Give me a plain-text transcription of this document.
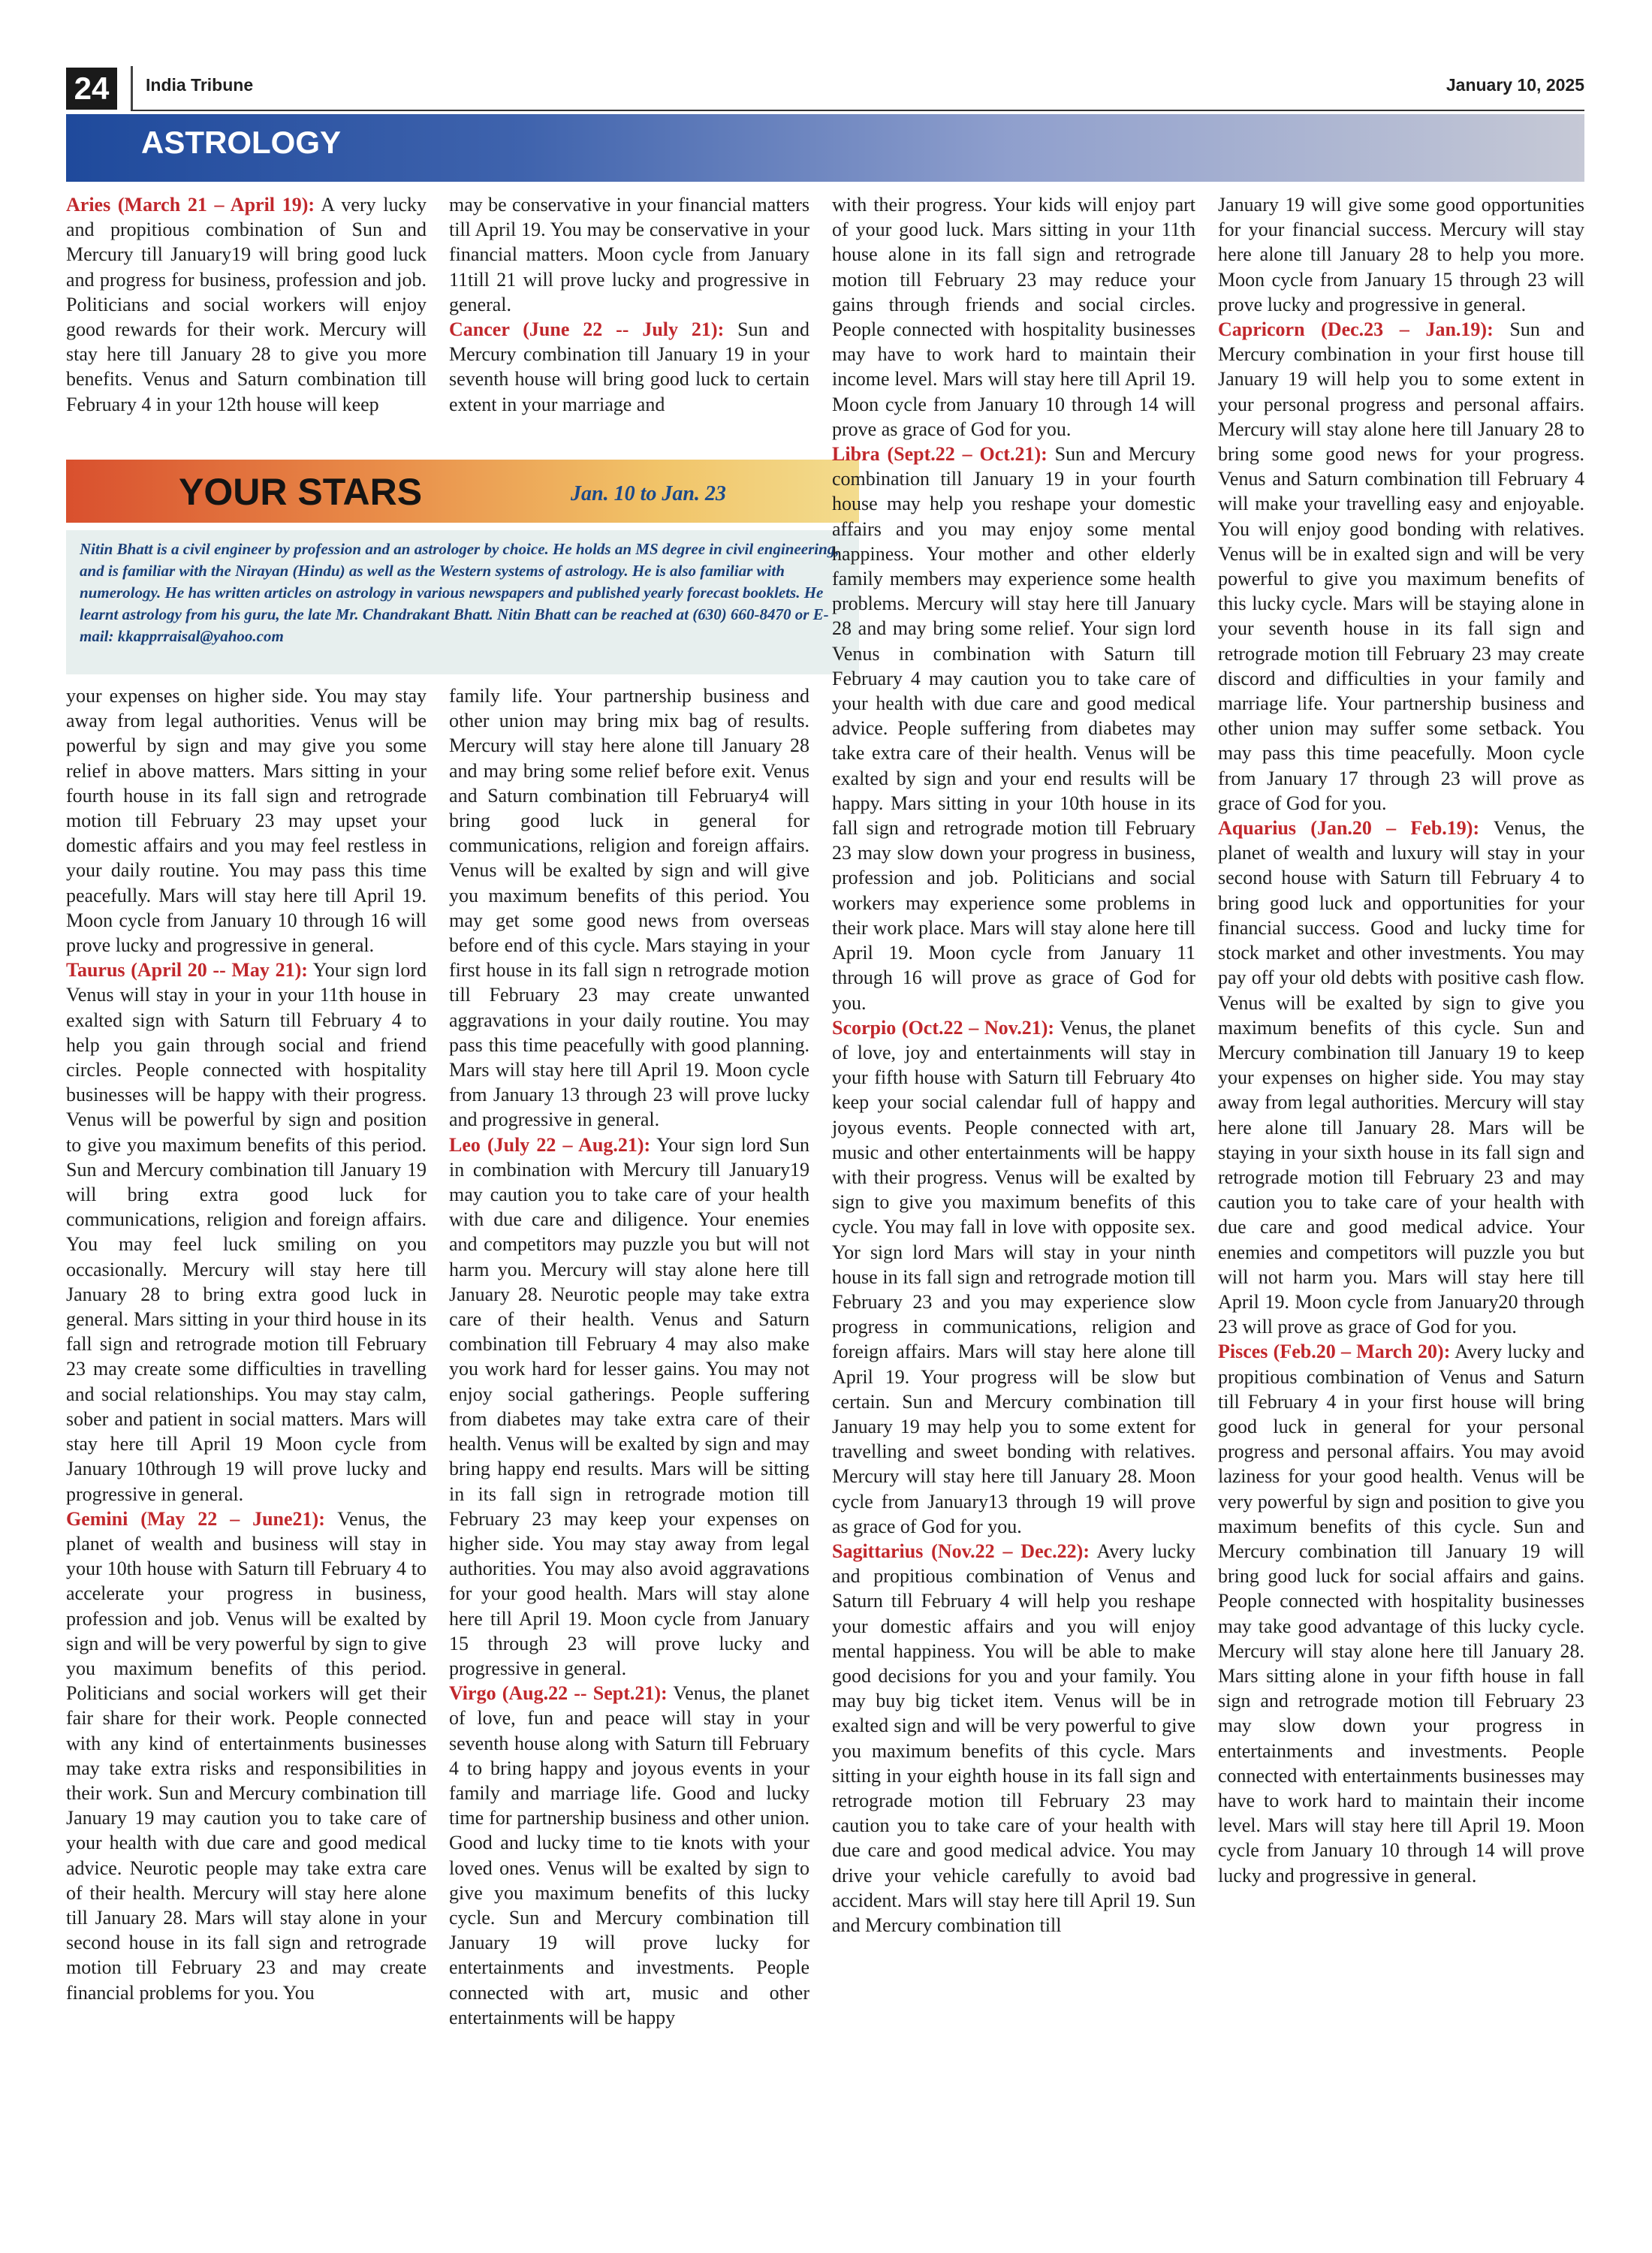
24	India Tribune	January 10, 2025
ASTROLOGY

Aries (March 21 – April 19): A very lucky and propitious combination of Sun and Mercury till January19 will bring good luck and progress for business, profession and job. Politicians and social workers will enjoy good rewards for their work. Mercury will stay here till January 28 to give you more benefits. Venus and Saturn combination till February 4 in your 12th house will keep

your expenses on higher side. You may stay away from legal authorities. Venus will be powerful by sign and may give you some relief in above matters. Mars sitting in your fourth house in its fall sign and retrograde motion till February 23 may upset your domestic affairs and you may feel restless in your daily routine. You may pass this time peacefully. Mars will stay here till April 19. Moon cycle from January 10 through 16 will prove lucky and progressive in general.

Taurus (April 20 -- May 21): Your sign lord Venus will stay in your in your 11th house in exalted sign with Saturn till February 4 to help you gain through social and friend circles. People connected with hospitality businesses will be happy with their progress. Venus will be powerful by sign and position to give you maximum benefits of this period. Sun and Mercury combination till January 19 will bring extra good luck for communications, religion and foreign affairs. You may feel luck smiling on you occasionally. Mercury will stay here till January 28 to bring extra good luck in general. Mars sitting in your third house in its fall sign and retrograde motion till February 23 may create some difficulties in travelling and social relationships. You may stay calm, sober and patient in social matters. Mars will stay here till April 19 Moon cycle from January 10through 19 will prove lucky and progressive in general.

Gemini (May 22 – June21): Venus, the planet of wealth and business will stay in your 10th house with Saturn till February 4 to accelerate your progress in business, profession and job. Venus will be exalted by sign and will be very powerful by sign to give you maximum benefits of this period. Politicians and social workers will get their fair share for their work. People connected with any kind of entertainments businesses may take extra risks and responsibilities in their work. Sun and Mercury combination till January 19 may caution you to take care of your health with due care and good medical advice. Neurotic people may take extra care of their health. Mercury will stay here alone till January 28. Mars will stay alone in your second house in its fall sign and retrograde motion till February 23 and may create financial problems for you. You

may be conservative in your financial matters till April 19. You may be conservative in your financial matters. Moon cycle from January 11till 21 will prove lucky and progressive in general.

Cancer (June 22 -- July 21): Sun and Mercury combination till January 19 in your seventh house will bring good luck to certain extent in your marriage and

family life. Your partnership business and other union may bring mix bag of results. Mercury will stay here alone till January 28 and may bring some relief before exit. Venus and Saturn combination till February4 will bring good luck in general for communications, religion and foreign affairs. Venus will be exalted by sign and will give you maximum benefits of this period. You may get some good news from overseas before end of this cycle. Mars staying in your first house in its fall sign n retrograde motion till February 23 may create unwanted aggravations in your daily routine. You may pass this time peacefully with good planning. Mars will stay here till April 19. Moon cycle from January 13 through 23 will prove lucky and progressive in general.

Leo (July 22 – Aug.21): Your sign lord Sun in combination with Mercury till January19 may caution you to take care of your health with due care and diligence. Your enemies and competitors may puzzle you but will not harm you. Mercury will stay alone here till January 28. Neurotic people may take extra care of their health. Venus and Saturn combination till February 4 may also make you work hard for lesser gains. You may not enjoy social gatherings. People suffering from diabetes may take extra care of their health. Venus will be exalted by sign and may bring happy end results. Mars will be sitting in its fall sign in retrograde motion till February 23 may keep your expenses on higher side. You may stay away from legal authorities. You may also avoid aggravations for your good health. Mars will stay alone here till April 19. Moon cycle from January 15 through 23 will prove lucky and progressive in general.

Virgo (Aug.22 -- Sept.21): Venus, the planet of love, fun and peace will stay in your seventh house along with Saturn till February 4 to bring happy and joyous events in your family and marriage life. Good and lucky time for partnership business and other union. Good and lucky time to tie knots with your loved ones. Venus will be exalted by sign to give you maximum benefits of this lucky cycle. Sun and Mercury combination till January 19 will prove lucky for entertainments and investments. People connected with art, music and other entertainments will be happy

YOUR STARS	Jan. 10 to Jan. 23
Nitin Bhatt is a civil engineer by profession and an astrologer by choice. He holds an MS degree in civil engineering, and is familiar with the Nirayan (Hindu) as well as the Western systems of astrology. He is also familiar with numerology. He has written articles on astrology in various newspapers and published yearly forecast booklets. He learnt astrology from his guru, the late Mr. Chandrakant Bhatt. Nitin Bhatt can be reached at (630) 660-8470 or E-mail: kkapprraisal@yahoo.com

with their progress. Your kids will enjoy part of your good luck. Mars sitting in your 11th house alone in its fall sign and retrograde motion till February 23 may reduce your gains through friends and social circles. People connected with hospitality businesses may have to work hard to maintain their income level. Mars will stay here till April 19. Moon cycle from January 10 through 14 will prove as grace of God for you.

Libra (Sept.22 – Oct.21): Sun and Mercury combination till January 19 in your fourth house may help you reshape your domestic affairs and you may enjoy some mental happiness. Your mother and other elderly family members may experience some health problems. Mercury will stay here till January 28 and may bring some relief. Your sign lord Venus in combination with Saturn till February 4 may caution you to take care of your health with due care and good medical advice. People suffering from diabetes may take extra care of their health. Venus will be exalted by sign and your end results will be happy. Mars sitting in your 10th house in its fall sign and retrograde motion till February 23 may slow down your progress in business, profession and job. Politicians and social workers may experience some problems in their work place. Mars will stay alone here till April 19. Moon cycle from January 11 through 16 will prove as grace of God for you.

Scorpio (Oct.22 – Nov.21): Venus, the planet of love, joy and entertainments will stay in your fifth house with Saturn till February 4to keep your social calendar full of happy and joyous events. People connected with art, music and other entertainments will be happy with their progress. Venus will be exalted by sign to give you maximum benefits of this cycle. You may fall in love with opposite sex. Yor sign lord Mars will stay in your ninth house in its fall sign and retrograde motion till February 23 and you may experience slow progress in communications, religion and foreign affairs. Mars will stay here alone till April 19. Your progress will be slow but certain. Sun and Mercury combination till January 19 may help you to some extent for travelling and sweet bonding with relatives. Mercury will stay here till January 28. Moon cycle from January13 through 19 will prove as grace of God for you.

Sagittarius (Nov.22 – Dec.22): Avery lucky and propitious combination of Venus and Saturn till February 4 will help you reshape your domestic affairs and you will enjoy mental happiness. You will be able to make good decisions for you and your family. You may buy big ticket item. Venus will be in exalted sign and will be very powerful to give you maximum benefits of this cycle. Mars sitting in your eighth house in its fall sign and retrograde motion till February 23 may caution you to take care of your health with due care and good medical advice. You may drive your vehicle carefully to avoid bad accident. Mars will stay here till April 19. Sun and Mercury combination till

January 19 will give some good opportunities for your financial success. Mercury will stay here alone till January 28 to help you more. Moon cycle from January 15 through 23 will prove lucky and progressive in general.

Capricorn (Dec.23 – Jan.19): Sun and Mercury combination in your first house till January 19 will help you to some extent in your personal progress and personal affairs. Mercury will stay alone here till January 28 to bring some good news for your progress. Venus and Saturn combination till February 4 will make your travelling easy and enjoyable. You will enjoy good bonding with relatives. Venus will be in exalted sign and will be very powerful to give you maximum benefits of this lucky cycle. Mars will be staying alone in your seventh house in its fall sign and retrograde motion till February 23 may create discord and difficulties in your family and marriage life. Your partnership business and other union may suffer some setback. You may pass this time peacefully. Moon cycle from January 17 through 23 will prove as grace of God for you.

Aquarius (Jan.20 – Feb.19): Venus, the planet of wealth and luxury will stay in your second house with Saturn till February 4 to bring good luck and opportunities for your financial success. Good and lucky time for stock market and other investments. You may pay off your old debts with positive cash flow. Venus will be exalted by sign to give you maximum benefits of this cycle. Sun and Mercury combination till January 19 to keep your expenses on higher side. You may stay away from legal authorities. Mercury will stay here alone till January 28. Mars will be staying in your sixth house in its fall sign and retrograde motion till February 23 and may caution you to take care of your health with due care and good medical advice. Your enemies and competitors will puzzle you but will not harm you. Mars will stay here till April 19. Moon cycle from January20 through 23 will prove as grace of God for you.

Pisces (Feb.20 – March 20): Avery lucky and propitious combination of Venus and Saturn till February 4 in your first house will bring good luck in general for your personal progress and personal affairs. You may avoid laziness for your good health. Venus will be very powerful by sign and position to give you maximum benefits of this cycle. Sun and Mercury combination till January 19 will bring good luck for social affairs and gains. People connected with hospitality businesses may take good advantage of this lucky cycle. Mercury will stay alone here till January 28. Mars sitting alone in your fifth house in fall sign and retrograde motion till February 23 may slow down your progress in entertainments and investments. People connected with entertainments businesses may have to work hard to maintain their income level. Mars will stay here till April 19. Moon cycle from January 10 through 14 will prove lucky and progressive in general.
